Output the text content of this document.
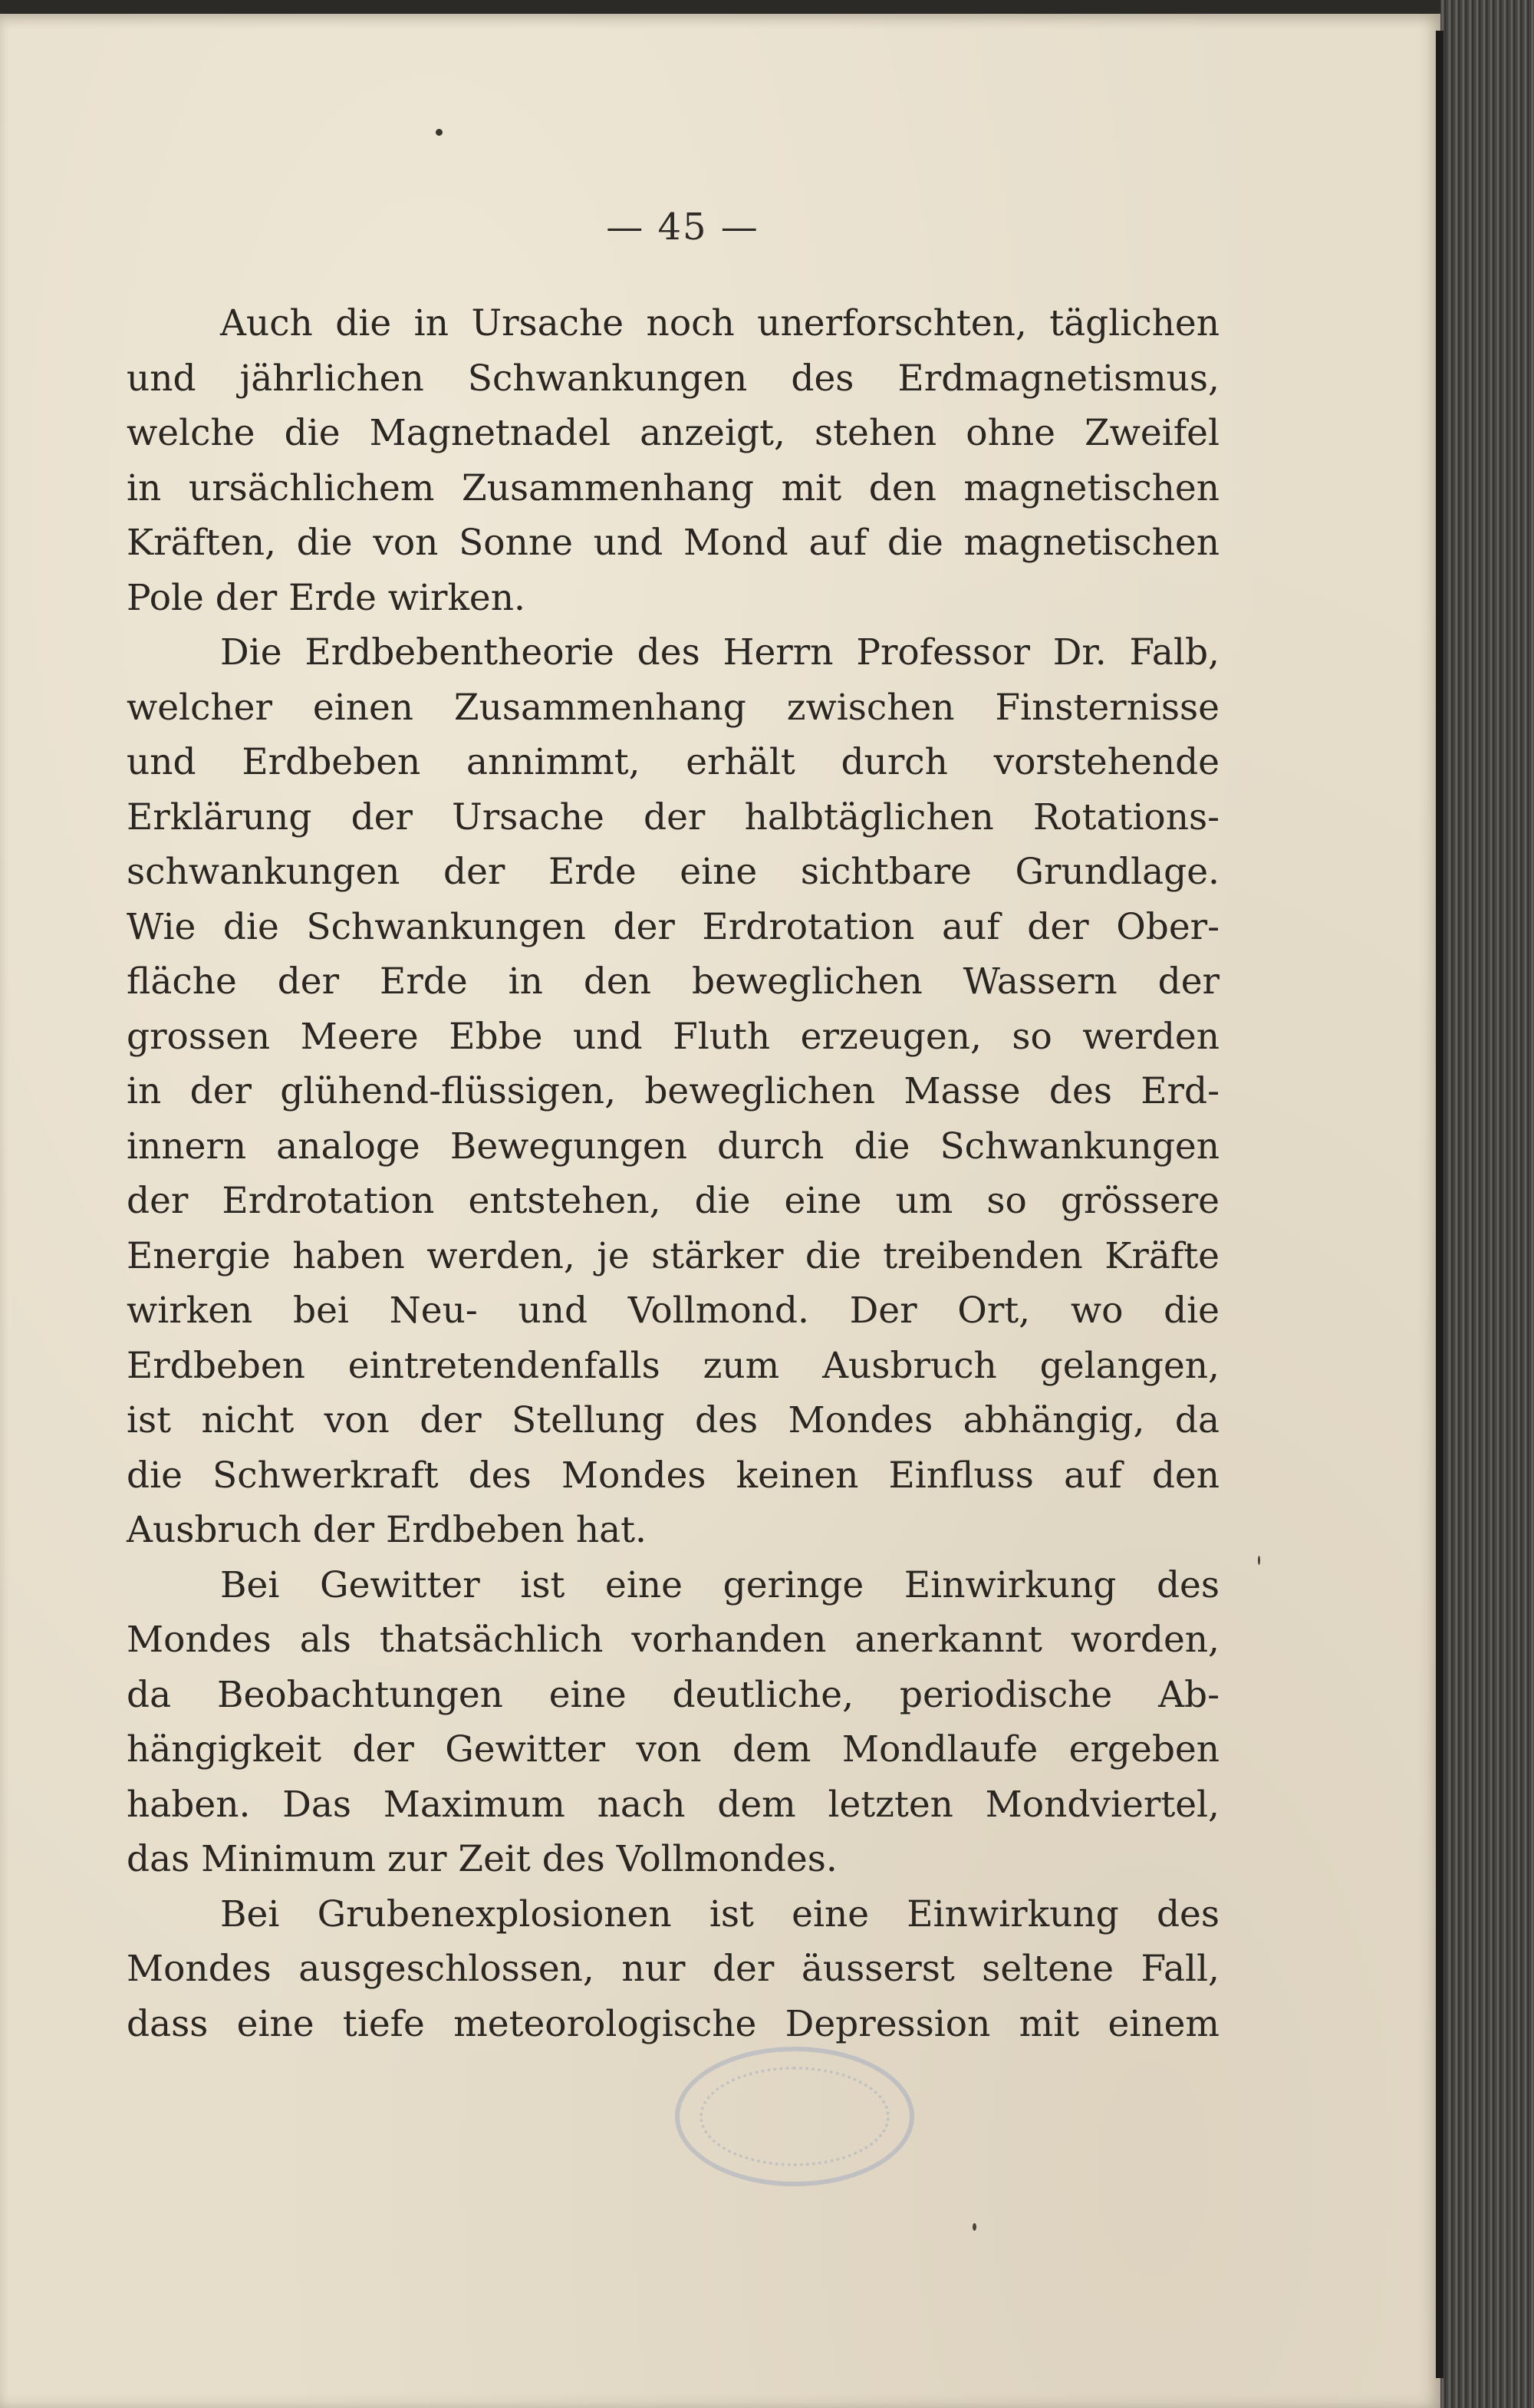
— 45 —
Auch die in Ursache noch unerforschten, täglichen
und jährlichen Schwankungen des Erdmagnetismus,
welche die Magnetnadel anzeigt, stehen ohne Zweifel
in ursächlichem Zusammenhang mit den magnetischen
Kräften, die von Sonne und Mond auf die magnetischen
Pole der Erde wirken.
Die Erdbebentheorie des Herrn Professor Dr. Falb,
welcher einen Zusammenhang zwischen Finsternisse
und Erdbeben annimmt, erhält durch vorstehende
Erklärung der Ursache der halbtäglichen Rotations-
schwankungen der Erde eine sichtbare Grundlage.
Wie die Schwankungen der Erdrotation auf der Ober-
fläche der Erde in den beweglichen Wassern der
grossen Meere Ebbe und Fluth erzeugen, so werden
in der glühend-flüssigen, beweglichen Masse des Erd-
innern analoge Bewegungen durch die Schwankungen
der Erdrotation entstehen, die eine um so grössere
Energie haben werden, je stärker die treibenden Kräfte
wirken bei Neu- und Vollmond. Der Ort, wo die
Erdbeben eintretendenfalls zum Ausbruch gelangen,
ist nicht von der Stellung des Mondes abhängig, da
die Schwerkraft des Mondes keinen Einfluss auf den
Ausbruch der Erdbeben hat.
Bei Gewitter ist eine geringe Einwirkung des
Mondes als thatsächlich vorhanden anerkannt worden,
da Beobachtungen eine deutliche, periodische Ab-
hängigkeit der Gewitter von dem Mondlaufe ergeben
haben. Das Maximum nach dem letzten Mondviertel,
das Minimum zur Zeit des Vollmondes.
Bei Grubenexplosionen ist eine Einwirkung des
Mondes ausgeschlossen, nur der äusserst seltene Fall,
dass eine tiefe meteorologische Depression mit einem
